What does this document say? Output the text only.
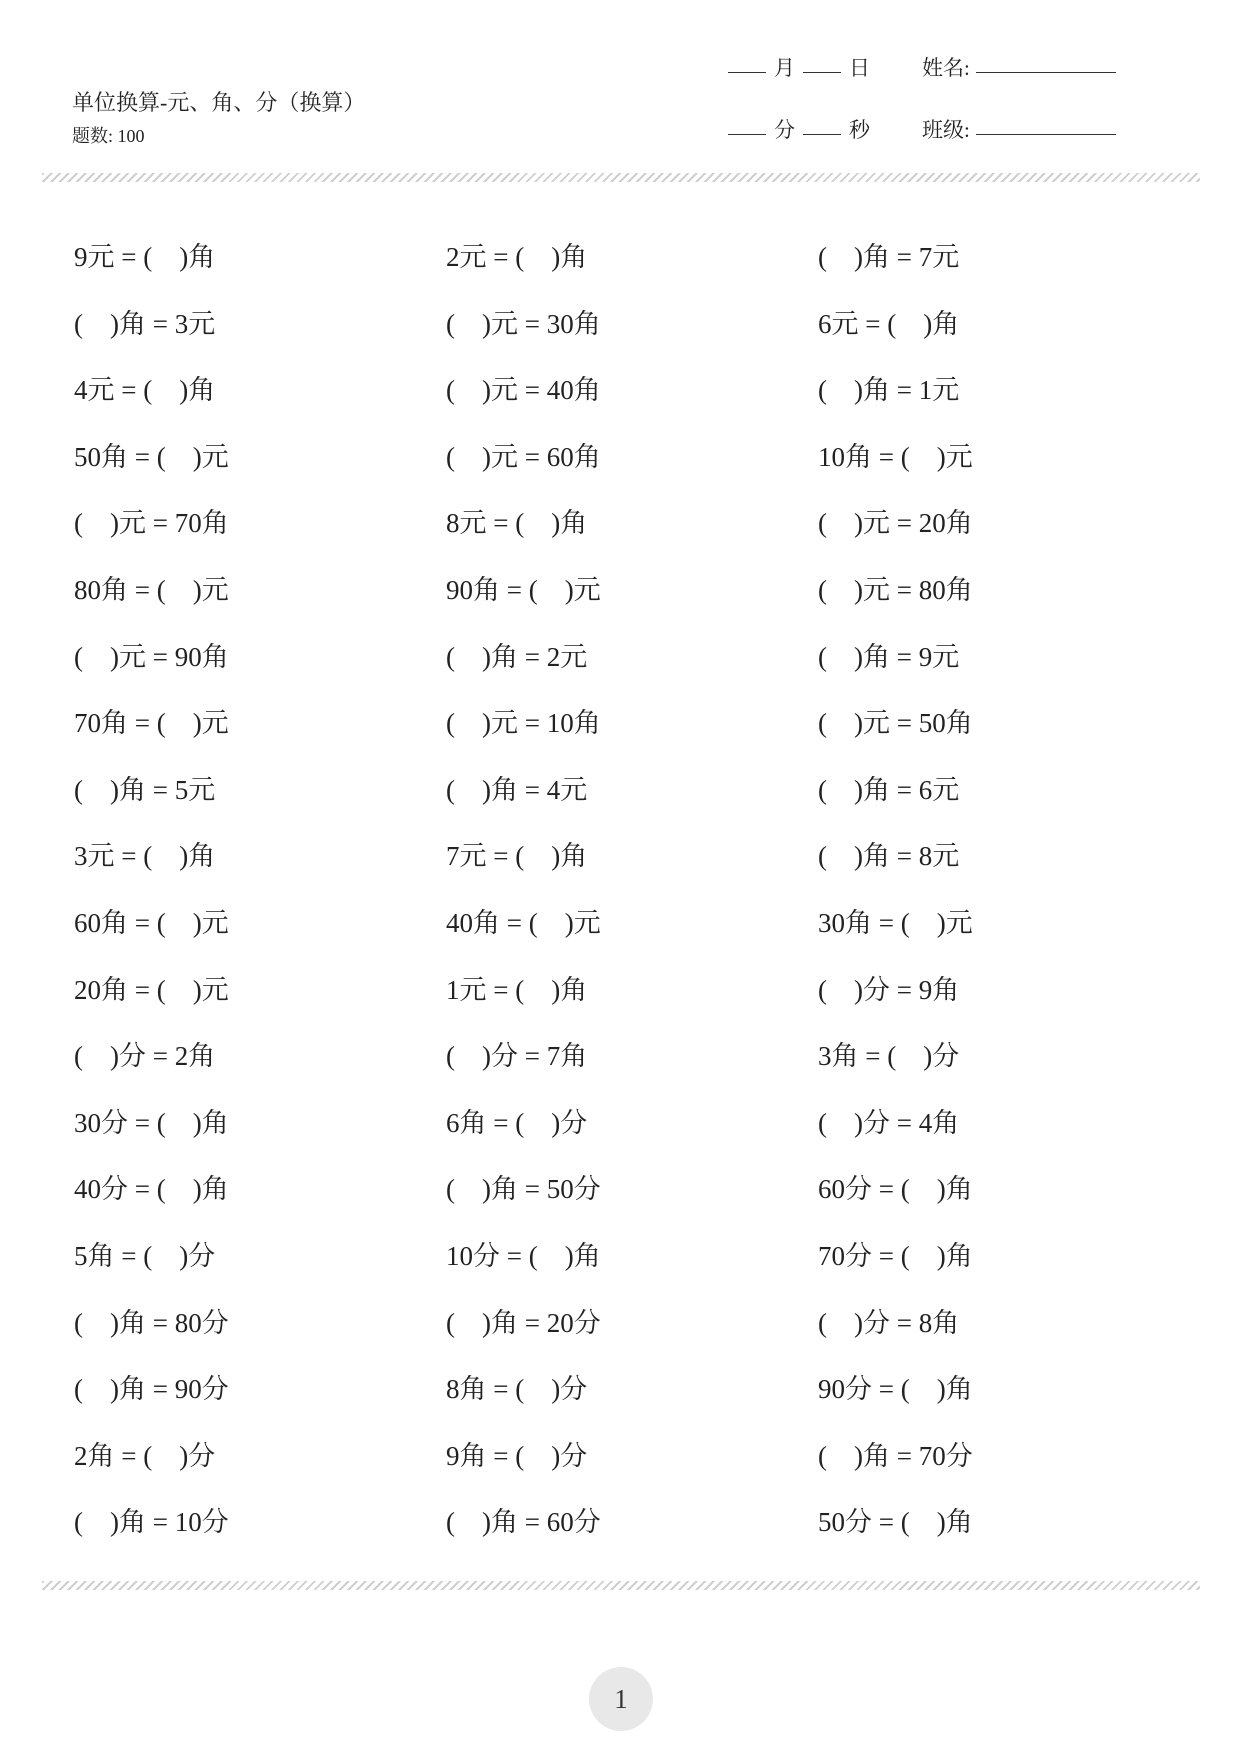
单位换算-元、角、分（换算）
题数: 100
月	日 姓名:
分	秒 班级:
9元 = (    )角	2元 = (    )角	(    )角 = 7元
(    )角 = 3元	(    )元 = 30角	6元 = (    )角
4元 = (    )角	(    )元 = 40角	(    )角 = 1元
50角 = (    )元	(    )元 = 60角	10角 = (    )元
(    )元 = 70角	8元 = (    )角	(    )元 = 20角
80角 = (    )元	90角 = (    )元	(    )元 = 80角
(    )元 = 90角	(    )角 = 2元	(    )角 = 9元
70角 = (    )元	(    )元 = 10角	(    )元 = 50角
(    )角 = 5元	(    )角 = 4元	(    )角 = 6元
3元 = (    )角	7元 = (    )角	(    )角 = 8元
60角 = (    )元	40角 = (    )元	30角 = (    )元
20角 = (    )元	1元 = (    )角	(    )分 = 9角
(    )分 = 2角	(    )分 = 7角	3角 = (    )分
30分 = (    )角	6角 = (    )分	(    )分 = 4角
40分 = (    )角	(    )角 = 50分	60分 = (    )角
5角 = (    )分	10分 = (    )角	70分 = (    )角
(    )角 = 80分	(    )角 = 20分	(    )分 = 8角
(    )角 = 90分	8角 = (    )分	90分 = (    )角
2角 = (    )分	9角 = (    )分	(    )角 = 70分
(    )角 = 10分	(    )角 = 60分	50分 = (    )角
1
